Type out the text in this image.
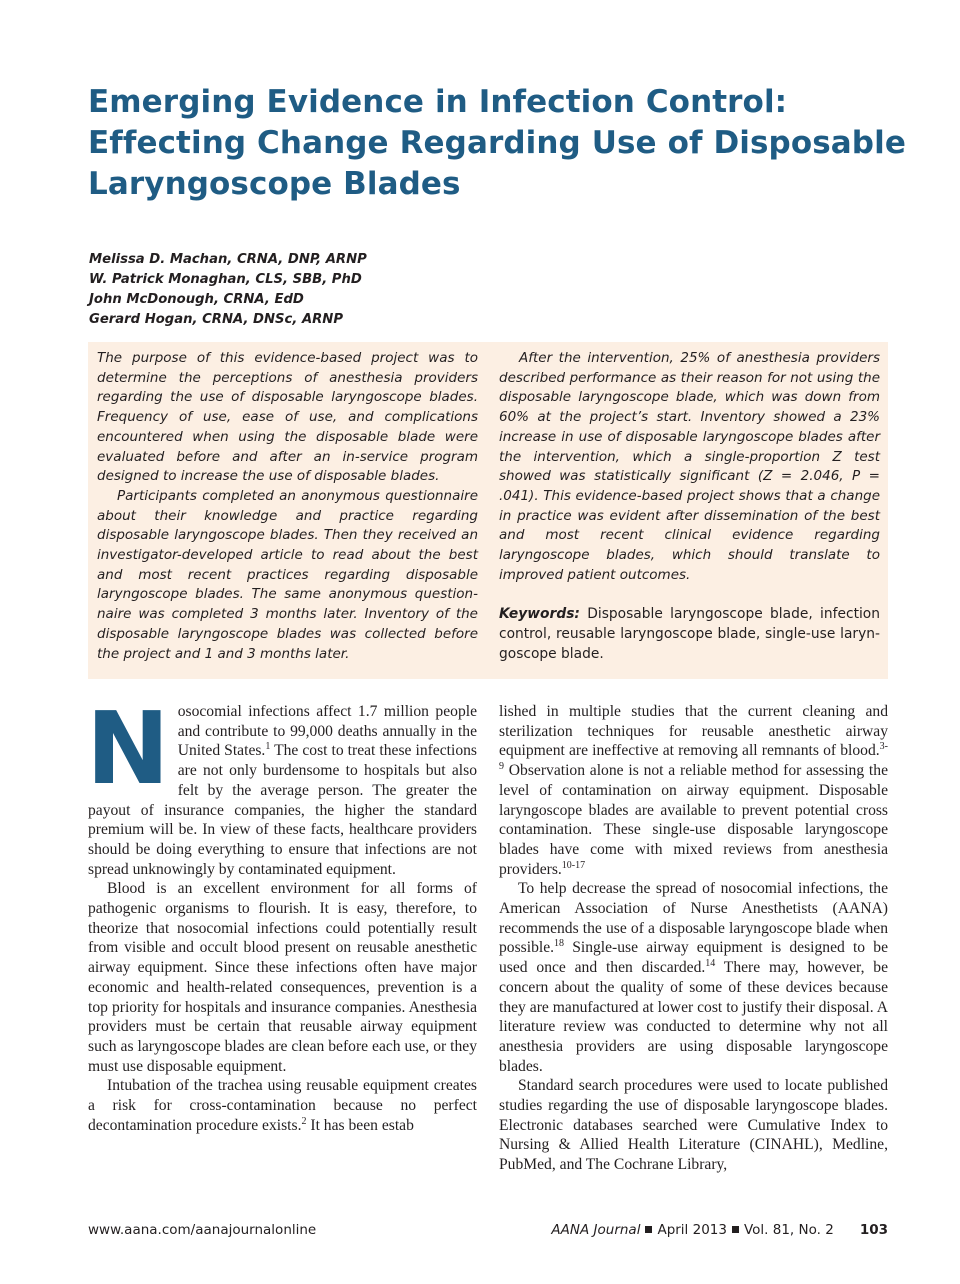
Emerging Evidence in Infection Control:
Effecting Change Regarding Use of Disposable
Laryngoscope Blades
Melissa D. Machan, CRNA, DNP, ARNP
W. Patrick Monaghan, CLS, SBB, PhD
John McDonough, CRNA, EdD
Gerard Hogan, CRNA, DNSc, ARNP

The purpose of this evidence-based project was to determine the perceptions of anesthesia providers regarding the use of disposable laryngoscope blades. Frequency of use, ease of use, and complications encountered when using the disposable blade were evaluated before and after an in-service program designed to increase the use of disposable blades.

Participants completed an anonymous questionnaire about their knowledge and practice regarding disposable laryngoscope blades. Then they received an investigator-developed article to read about the best and most recent practices regarding disposable laryngoscope blades. The same anonymous questionnaire was completed 3 months later. Inventory of the disposable laryngoscope blades was collected before the project and 1 and 3 months later.

After the intervention, 25% of anesthesia providers described performance as their reason for not using the disposable laryngoscope blade, which was down from 60% at the project’s start. Inventory showed a 23% increase in use of disposable laryngoscope blades after the intervention, which a single-proportion Z test showed was statistically significant (Z = 2.046, P = .041). This evidence-based project shows that a change in practice was evident after dissemination of the best and most recent clinical evidence regarding laryngoscope blades, which should translate to improved patient outcomes.

Keywords: Disposable laryngoscope blade, infection control, reusable laryngoscope blade, single-use laryngoscope blade.

Nosocomial infections affect 1.7 million people and contribute to 99,000 deaths annually in the United States.$^1$ The cost to treat these infections are not only burdensome to hospitals but also felt by the average person. The greater the payout of insurance companies, the higher the standard premium will be. In view of these facts, healthcare providers should be doing everything to ensure that infections are not spread unknowingly by contaminated equipment.

Blood is an excellent environment for all forms of pathogenic organisms to flourish. It is easy, therefore, to theorize that nosocomial infections could potentially result from visible and occult blood present on reusable anesthetic airway equipment. Since these infections often have major economic and health-related consequences, prevention is a top priority for hospitals and insurance companies. Anesthesia providers must be certain that reusable airway equipment such as laryngoscope blades are clean before each use, or they must use disposable equipment.

Intubation of the trachea using reusable equipment creates a risk for cross-contamination because no perfect decontamination procedure exists.$^2$ It has been estab

lished in multiple studies that the current cleaning and sterilization techniques for reusable anesthetic airway equipment are ineffective at removing all remnants of blood.$^{3-9}$ Observation alone is not a reliable method for assessing the level of contamination on airway equipment. Disposable laryngoscope blades are available to prevent potential cross contamination. These single-use disposable laryngoscope blades have come with mixed reviews from anesthesia providers.$^{10-17}$

To help decrease the spread of nosocomial infections, the American Association of Nurse Anesthetists (AANA) recommends the use of a disposable laryngoscope blade when possible.$^{18}$ Single-use airway equipment is designed to be used once and then discarded.$^{14}$ There may, however, be concern about the quality of some of these devices because they are manufactured at lower cost to justify their disposal. A literature review was conducted to determine why not all anesthesia providers are using disposable laryngoscope blades.

Standard search procedures were used to locate published studies regarding the use of disposable laryngoscope blades. Electronic databases searched were Cumulative Index to Nursing & Allied Health Literature (CINAHL), Medline, PubMed, and The Cochrane Library,

www.aana.com/aanajournalonline	AANA Journal April 2013 Vol. 81, No. 2 103
